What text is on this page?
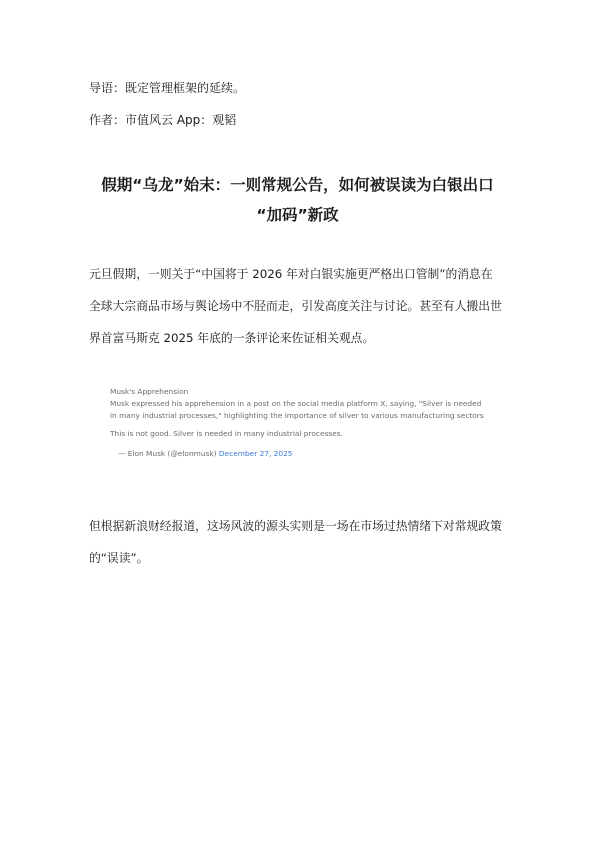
导语：既定管理框架的延续。
作者：市值风云 App：观韬
假期“乌龙”始末：一则常规公告，如何被误读为白银出口
“加码”新政
元旦假期，一则关于“中国将于 2026 年对白银实施更严格出口管制”的消息在
全球大宗商品市场与舆论场中不胫而走，引发高度关注与讨论。甚至有人搬出世
界首富马斯克 2025 年底的一条评论来佐证相关观点。
Musk's Apprehension
Musk expressed his apprehension in a post on the social media platform X, saying, "Silver is needed
in many industrial processes," highlighting the importance of silver to various manufacturing sectors
This is not good. Silver is needed in many industrial processes.
— Elon Musk (@elonmusk) December 27, 2025
但根据新浪财经报道，这场风波的源头实则是一场在市场过热情绪下对常规政策
的“误读”。
